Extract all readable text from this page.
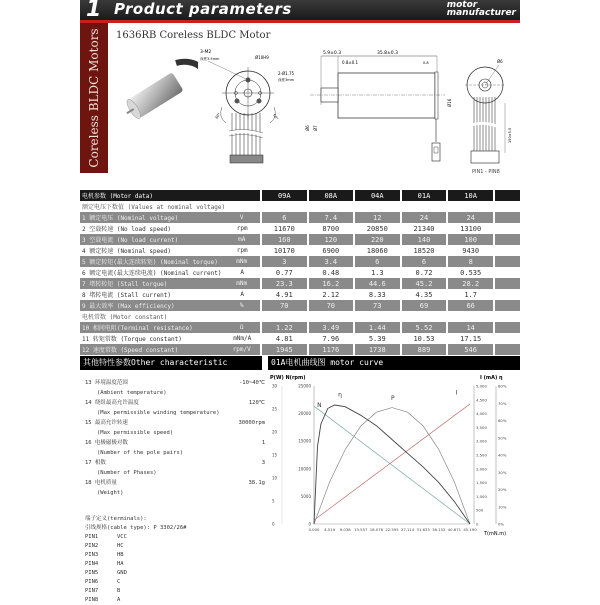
1 Product parameters	motor
manufacturer
Coreless BLDC Motors 1636RB Coreless BLDC Motor
3-M2
深度3.5mm	Ø10H9
2-Ø1.75
深度3mm
60°	60°
5.9±0.3	35.8±0.3
0.8±0.1	0.8
Ø16
Ø7
Ø6
Ø6
150±5.0
PIN1 - PIN8
电机参数 (Motor data)		09A	08A	04A	01A	10A	
额定电压下数值 (Values at nominal voltage)							
1 额定电压 (Nominal voltage)	V	6	7.4	12	24	24	
2 空载转速 (No load speed)	rpm	11670	8700	20850	21340	13100	
3 空载电流 (No load current)	mA	160	120	220	140	100	
4 额定转速 (Nominal speed)	rpm	10170	6900	18060	18520	9430	
5 额定转矩(最大连续转矩) (Nominal torque)	mNm	3	3.4	6	6	8	
6 额定电流(最大连续电流) (Nominal current)	A	0.77	0.48	1.3	0.72	0.535	
7 堵转转矩 (Stall torque)	mNm	23.3	16.2	44.6	45.2	28.2	
8 堵转电流 (Stall current)	A	4.91	2.12	8.33	4.35	1.7	
9 最大效率 (Max efficiency)	%	70	70	73	69	66	
电机常数 (Motor constant)							
10 相间电阻(Terminal resistance)	Ω	1.22	3.49	1.44	5.52	14	
11 转矩常数 (Torque constant)	mNm/A	4.81	7.96	5.39	10.53	17.15	
12 速度常数 (Speed constant)	rpm/V	1945	1176	1738	889	546	
其他特性参数Other characteristic parameters
01A电机曲线图 motor curve
13 环境温度范围	-10~40℃
(Ambient temperature)
14 绕组最高允许温度	120℃
(Max permissible winding temperature)
15 最高允许转速	30000rpm
(Max permissible speed)
16 电极磁极对数	1
(Number of the pole pairs)
17 相数	3
(Number of Phases)
18 电机质量	38.1g
(Weight)
端子定义(terminals):
引线规格(cable type): P 3302/26#
PIN1	VCC
PIN2	HC
PIN3	HB
PIN4	HA
PIN5	GND
PIN6	C
PIN7	B
PIN8	A
P(W) N(rpm)	I (mA) η
T(mN.m)
0
5
10
15
20
25
30
0
5000
10000
15000
20000
25000
0
500
1,000
1,500
2,000
2,500
3,000
3,500
4,000
4,500
5,000
0%
10%
20%
30%
40%
50%
60%
70%
80%
0.000 4.519 9.038 13.557 18.076 22.595 27.114 31.633 36.152 40.671 45.190
η	P
I
N
